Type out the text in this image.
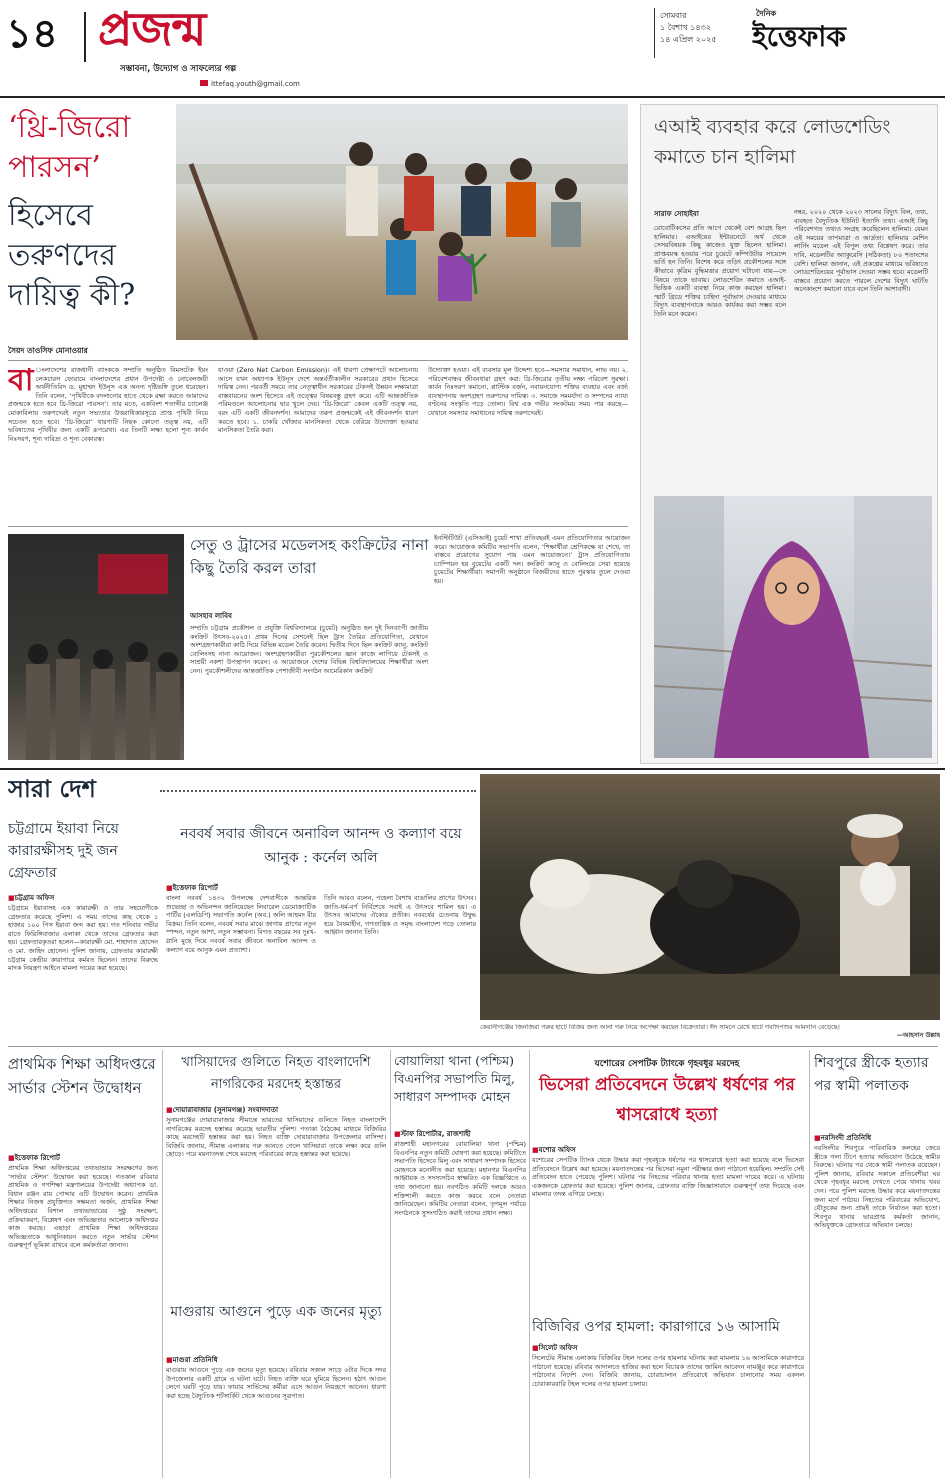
১৪ প্রজন্ম
সম্ভাবনা, উদ্যোগ ও সাফল্যের গল্প
ittefaq.youth@gmail.com
সোমবার
১ বৈশাখ ১৪৩২
১৪ এপ্রিল ২০২৫
দৈনিক
ইত্তেফাক
‘থ্রি-জিরো পারসন’
হিসেবে তরুণদের দায়িত্ব কী?
সৈয়দ তাওসিফ মোনাওয়ার
বা ংলাদেশের রাজধানী ব্যাংককে সম্প্রতি অনুষ্ঠিত বিমসটেক ইয়ং লেকচারস ফোরামে বাংলাদেশের প্রধান উপদেষ্টা ও নোবেলজয়ী অর্থনীতিবিদ ড. মুহাম্মদ ইউনূস এক অনন্য দৃষ্টিভঙ্গি তুলে ধরেছেন। তিনি বলেন, ‘পৃথিবীকে বদলানোর হাতে থেকে রক্ষা করতে আমাদের প্রজন্মকে হতে হবে থ্রি-জিরো পারসন’। তার মতে, একবিংশ শতাব্দীর চ্যালেঞ্জ মোকাবিলায় তরুণদেরই নতুন সভ্যতার উত্তরাধিকারসূত্রে প্রাপ্ত পৃথিবী নিয়ে সচেতন হতে হবে। ‘থ্রি-জিরো’ ধারণাটি নিছক কোনো তত্ত্ব নয়, এটি ভবিষ্যতের পৃথিবীর জন্য একটি রূপরেখা। এর তিনটি লক্ষ্য হলো শূন্য কার্বন নিঃসরণ, শূন্য দারিদ্র্য ও শূন্য বেকারত্ব।
যাওয়া (Zero Net Carbon Emission)। এই ধারণা প্রেক্ষাপটে আলোচনায় আসে যখন অধ্যাপক ইউনূস দেশে অন্তর্বর্তীকালীন সরকারের প্রধান হিসেবে দায়িত্ব নেন। পরবর্তী সময়ে তার নেতৃত্বাধীন সরকারের টেকসই উন্নয়ন লক্ষ্যমাত্রা বাস্তবায়নের অংশ হিসেবে এই তত্ত্বের বিষয়বস্তু গ্রহণ করে। এটি আন্তর্জাতিক পরিমণ্ডলে আলোচনার দ্বার খুলে দেয়। ‘থ্রি-জিরো’ কেবল একটি তত্ত্ব নয়, বরং এটি একটি জীবনদর্শন। আমাদের তরুণ প্রজন্মকেই এই জীবনদর্শন ধারণ করতে হবে। ১. চাকরি খোঁজার মানসিকতা থেকে বেরিয়ে উদ্যোক্তা হওয়ার মানসিকতা তৈরি করা।
উদ্যোক্তা হওয়া। এই ব্যবসার মূল উদ্দেশ্য হবে—সমস্যার সমাধান, লাভ নয়। ২. পরিবেশবান্ধব জীবনধারা গ্রহণ করা: থ্রি-জিরোর তৃতীয় লক্ষ্য পরিবেশ সুরক্ষা। কার্বন নিঃসরণ কমানো, প্লাস্টিক বর্জন, নবায়নযোগ্য শক্তির ব্যবহার এবং বর্জ্য ব্যবস্থাপনায় অংশগ্রহণ তরুণদের দায়িত্ব। ৩. সমাজে সমমর্যাদা ও সম্পদের ন্যায্য বণ্টনের সংস্কৃতি গড়ে তোলা। বিশ্ব এক গভীর সংকটময় সময় পার করছে—যেখানে সমস্যার সমাধানের দায়িত্ব তরুণদেরই।
এআই ব্যবহার করে লোডশেডিং কমাতে চান হালিমা
সারাফ সোহাইবা
রোবোটিকসের প্রতি আগে থেকেই বেশ আগ্রহ ছিল হালিমার। এআইয়ের ইন্টারনেটে অর্থ থেকে সেসরবিষয়ক কিছু কাজেও যুক্ত ছিলেন হালিমা। প্রাপ্তবয়স্ক হওয়ার পরে চুয়েটে কম্পিউটার সায়েন্সে ভর্তি হন তিনি। বিশেষ করে তড়িৎ প্রকৌশলের সঙ্গে কীভাবে কৃত্রিম বুদ্ধিমত্তার প্রয়োগ ঘটানো যায়—সে বিষয়ে তাকে ভাবায়। লোডশেডিং কমাতে এআই-ভিত্তিক একটি ব্যবস্থা নিয়ে কাজ করছেন হালিমা। স্মার্ট গ্রিডে শক্তির চাহিদা পূর্বাভাস দেওয়ার মাধ্যমে বিদ্যুৎ ব্যবস্থাপনাকে আরও কার্যকর করা সম্ভব বলে তিনি মনে করেন।
নম্বর, ২০২০ থেকে ২০২৩ সালের বিদ্যুৎ বিল, তথ্য, ব্যবহৃত বৈদ্যুতিক ইউনিট ইত্যাদি তথ্য। এআই কিছু পরিবেশগত তথ্যও সংগ্রহ করেছিলেন হালিমা। যেমন ওই সময়ের তাপমাত্রা ও আর্দ্রতা। হালিমার মেশিন লার্নিং মডেল এই বিপুল তথ্য বিশ্লেষণ করে। তার দাবি, মডেলটির অ্যাকুরেসি (সঠিকতা) ৮০ শতাংশের বেশি। হালিমা জানান, এই প্রকল্পের মাধ্যমে ভবিষ্যতে লোডশেডিংয়ের পূর্বাভাস দেওয়া সম্ভব হবে। মডেলটি বাস্তবে প্রয়োগ করতে পারলে দেশের বিদ্যুৎ ঘাটতি অনেকাংশে কমানো যাবে বলে তিনি আশাবাদী।
সেতু ও ট্রাসের মডেলসহ কংক্রিটের নানা কিছু তৈরি করল তারা
আসহাব লাবিব
সম্প্রতি চট্টগ্রাম প্রকৌশল ও প্রযুক্তি বিশ্ববিদ্যালয়ে (চুয়েট) অনুষ্ঠিত হল দুই দিনব্যাপী জাতীয় কংক্রিট উৎসব-২০২৫। প্রথম দিনের সেশনেই ছিল ট্রাস তৈরির প্রতিযোগিতা, যেখানে অংশগ্রহণকারীরা কাঠি দিয়ে বিভিন্ন মডেল তৈরি করেন। দ্বিতীয় দিনে ছিল কংক্রিট ক্যানু, কংক্রিট বোলিংসহ নানা আয়োজন। অংশগ্রহণকারীরা পুরকৌশলের জ্ঞান কাজে লাগিয়ে টেকসই ও সাশ্রয়ী নকশা উপস্থাপন করেন। এ আয়োজনে দেশের বিভিন্ন বিশ্ববিদ্যালয়ের শিক্ষার্থীরা অংশ নেন। পুরকৌশলীদের আন্তর্জাতিক পেশাজীবী সংগঠন আমেরিকান কংক্রিট
ইনস্টিটিউট (এসিআই) চুয়েট শাখা প্রতিবছরই এমন প্রতিযোগিতার আয়োজন করে। আয়োজক কমিটির সভাপতি বলেন, ‘শিক্ষার্থীরা শ্রেণিকক্ষে যা শেখে, তা বাস্তবে প্রয়োগের সুযোগ পায় এমন আয়োজনে।’ ট্রাস প্রতিযোগিতায় চ্যাম্পিয়ন হয় বুয়েটের একটি দল। কংক্রিট ক্যানু ও বোলিংয়ে সেরা হয়েছে চুয়েটের শিক্ষার্থীরা। সমাপনী অনুষ্ঠানে বিজয়ীদের হাতে পুরস্কার তুলে দেওয়া হয়।
সারা দেশ
কেরানীগঞ্জের জিনজিরা গরুর হাটে বিক্রির জন্য আনা গরু নিয়ে অপেক্ষা করছেন বিক্রেতারা। ঈদ সামনে রেখে হাটে গবাদিপশুর আমদানি বেড়েছে।
—আহসান উল্লাহ
চট্টগ্রামে ইয়াবা নিয়ে কারারক্ষীসহ দুই জন গ্রেফতার
■ চট্টগ্রাম অফিস
চট্টগ্রামে ইয়াবাসহ এক কারারক্ষী ও তার সহযোগীকে গ্রেফতার করেছে পুলিশ। এ সময় তাদের কাছ থেকে ১ হাজার ১০০ পিস ইয়াবা জব্দ করা হয়। গত শনিবার গভীর রাতে ফিরিঙ্গিবাজার এলাকা থেকে তাদের গ্রেফতার করা হয়। গ্রেফতারকৃতরা হলেন—কারারক্ষী মো. শাহাদাত হোসেন ও মো. জাহিদ হোসেন। পুলিশ জানায়, গ্রেফতার কারারক্ষী চট্টগ্রাম কেন্দ্রীয় কারাগারে কর্মরত ছিলেন। তাদের বিরুদ্ধে মাদক নিয়ন্ত্রণ আইনে মামলা দায়ের করা হয়েছে।
নববর্ষ সবার জীবনে অনাবিল আনন্দ ও কল্যাণ বয়ে আনুক : কর্নেল অলি
■ ইত্তেফাক রিপোর্ট
বাংলা নববর্ষ ১৪৩২ উপলক্ষে দেশবাসীকে আন্তরিক শুভেচ্ছা ও অভিনন্দন জানিয়েছেন লিবারেল ডেমোক্র্যাটিক পার্টির (এলডিপি) সভাপতি কর্নেল (অব.) অলি আহমদ বীর বিক্রম। তিনি বলেন, নববর্ষ সবার মাঝে জাগায় প্রাণের নতুন স্পন্দন, নতুন আশা, নতুন সম্ভাবনা। বিগত বছরের সব দুঃখ-গ্লানি মুছে দিয়ে নববর্ষ সবার জীবনে অনাবিল আনন্দ ও কল্যাণ বয়ে আনুক এমন প্রত্যাশা।
তিনি আরও বলেন, পহেলা বৈশাখ বাঙালির প্রাণের উৎসব। জাতি-ধর্ম-বর্ণ নির্বিশেষে সবাই এ উৎসবে শামিল হয়। এ উৎসব আমাদের ঐক্যের প্রতীক। নববর্ষের চেতনায় উদ্বুদ্ধ হয়ে বৈষম্যহীন, গণতান্ত্রিক ও সমৃদ্ধ বাংলাদেশ গড়ে তোলার আহ্বান জানান তিনি।
প্রাথমিক শিক্ষা অধিদপ্তরে সার্ভার স্টেশন উদ্বোধন
■ ইত্তেফাক রিপোর্ট
প্রাথমিক শিক্ষা অধিদপ্তরের তথ্যভান্ডার সংরক্ষণের জন্য ‘সার্ভার স্টেশন’ উদ্বোধন করা হয়েছে। গতকাল রবিবার প্রাথমিক ও গণশিক্ষা মন্ত্রণালয়ের উপদেষ্টা অধ্যাপক ডা. বিধান রঞ্জন রায় পোদ্দার এটি উদ্বোধন করেন। প্রাথমিক শিক্ষার নিজস্ব প্রযুক্তিগত সক্ষমতা অর্জন, প্রাথমিক শিক্ষা অধিদপ্তরের বিশাল তথ্যভান্ডারের সুষ্ঠু সংরক্ষণ, প্রক্রিয়াকরণ, বিশ্লেষণ এবং অভিজ্ঞতার আলোকে অধিদপ্তর কাজ করছে। এছাড়া প্রাথমিক শিক্ষা অধিদপ্তরের অভিজ্ঞতাকে আধুনিকায়ন করতে নতুন সার্ভার স্টেশন গুরুত্বপূর্ণ ভূমিকা রাখবে বলে কর্মকর্তারা জানান।
খাসিয়াদের গুলিতে নিহত বাংলাদেশি নাগরিকের মরদেহ হস্তান্তর
■ দোয়ারাবাজার (সুনামগঞ্জ) সংবাদদাতা
সুনামগঞ্জের দোয়ারাবাজার সীমান্তে ভারতের খাসিয়াদের গুলিতে নিহত বাংলাদেশি নাগরিকের মরদেহ হস্তান্তর করেছে ভারতীয় পুলিশ। পতাকা বৈঠকের মাধ্যমে বিজিবির কাছে মরদেহটি হস্তান্তর করা হয়। নিহত ব্যক্তি দোয়ারাবাজার উপজেলার বাসিন্দা। বিজিবি জানায়, সীমান্ত এলাকায় গরু আনতে গেলে খাসিয়ারা তাকে লক্ষ্য করে গুলি ছোড়ে। পরে ময়নাতদন্ত শেষে মরদেহ পরিবারের কাছে হস্তান্তর করা হয়েছে।
মাগুরায় আগুনে পুড়ে এক জনের মৃত্যু
■ মাগুরা প্রতিনিধি
মাগুরায় আগুনে পুড়ে এক জনের মৃত্যু হয়েছে। রবিবার সকাল সাড়ে ৬টার দিকে সদর উপজেলার একটি গ্রামে এ ঘটনা ঘটে। নিহত ব্যক্তি ঘরে ঘুমিয়ে ছিলেন। হঠাৎ আগুন লেগে ঘরটি পুড়ে যায়। ফায়ার সার্ভিসের কর্মীরা এসে আগুন নিয়ন্ত্রণে আনেন। ধারণা করা হচ্ছে বৈদ্যুতিক শর্টসার্কিট থেকে আগুনের সূত্রপাত।
বোয়ালিয়া থানা (পশ্চিম) বিএনপির সভাপতি মিলু, সাধারণ সম্পাদক মোহন
■ স্টাফ রিপোর্টার, রাজশাহী
রাজশাহী মহানগরের বোয়ালিয়া থানা (পশ্চিম) বিএনপির নতুন কমিটি ঘোষণা করা হয়েছে। কমিটিতে সভাপতি হিসেবে মিলু এবং সাধারণ সম্পাদক হিসেবে মোহনকে মনোনীত করা হয়েছে। মহানগর বিএনপির আহ্বায়ক ও সদস্যসচিব স্বাক্ষরিত এক বিজ্ঞপ্তিতে এ তথ্য জানানো হয়। নবগঠিত কমিটি দলকে আরও শক্তিশালী করতে কাজ করবে বলে নেতারা জানিয়েছেন। কমিটির নেতারা বলেন, তৃণমূল পর্যায়ে সংগঠনকে সুসংগঠিত করাই তাদের প্রধান লক্ষ্য।
যশোরের সেপটিক ট্যাংকে গৃহবধূর মরদেহ
ভিসেরা প্রতিবেদনে উল্লেখ ধর্ষণের পর শ্বাসরোধে হত্যা
■ যশোর অফিস
যশোরের সেপটিক ট্যাংক থেকে উদ্ধার করা গৃহবধূকে ধর্ষণের পর শ্বাসরোধে হত্যা করা হয়েছে বলে ভিসেরা প্রতিবেদনে উল্লেখ করা হয়েছে। ময়নাতদন্তের পর ভিসেরা নমুনা পরীক্ষার জন্য পাঠানো হয়েছিল। সম্প্রতি সেই প্রতিবেদন হাতে পেয়েছে পুলিশ। ঘটনার পর নিহতের পরিবার থানায় হত্যা মামলা দায়ের করে। এ ঘটনায় একজনকে গ্রেফতার করা হয়েছে। পুলিশ জানায়, গ্রেফতার ব্যক্তি জিজ্ঞাসাবাদে গুরুত্বপূর্ণ তথ্য দিয়েছে এবং মামলার তদন্ত এগিয়ে চলছে।
বিজিবির ওপর হামলা: কারাগারে ১৬ আসামি
■ সিলেট অফিস
সিলেটের সীমান্ত এলাকায় বিজিবির টহল দলের ওপর হামলার ঘটনায় করা মামলায় ১৬ আসামিকে কারাগারে পাঠানো হয়েছে। রবিবার আদালতে হাজির করা হলে বিচারক তাদের জামিন আবেদন নামঞ্জুর করে কারাগারে পাঠানোর নির্দেশ দেন। বিজিবি জানায়, চোরাচালান প্রতিরোধে অভিযান চালানোর সময় একদল চোরাকারবারি টহল দলের ওপর হামলা চালায়।
শিবপুরে স্ত্রীকে হত্যার পর স্বামী পলাতক
■ নরসিংদী প্রতিনিধি
নরসিংদীর শিবপুরে পারিবারিক কলহের জেরে স্ত্রীকে গলা টিপে হত্যার অভিযোগ উঠেছে স্বামীর বিরুদ্ধে। ঘটনার পর থেকে স্বামী পলাতক রয়েছেন। পুলিশ জানায়, রবিবার সকালে প্রতিবেশীরা ঘর থেকে গৃহবধূর মরদেহ দেখতে পেয়ে থানায় খবর দেন। পরে পুলিশ মরদেহ উদ্ধার করে ময়নাতদন্তের জন্য মর্গে পাঠায়। নিহতের পরিবারের অভিযোগ, যৌতুকের জন্য প্রায়ই তাকে নির্যাতন করা হতো। শিবপুর থানার ভারপ্রাপ্ত কর্মকর্তা জানান, অভিযুক্তকে গ্রেফতারে অভিযান চলছে।
